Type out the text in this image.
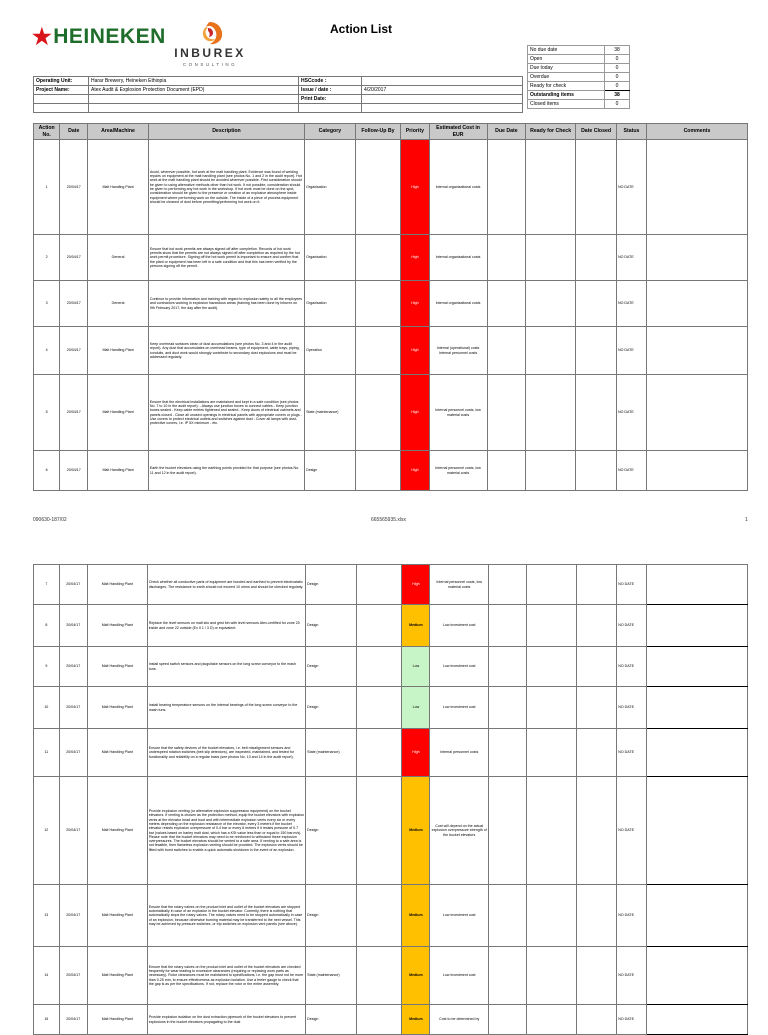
★ HEINEKEN
INBUREX
CONSULTING
Action List
Operating Unit:	Harar Brewery, Heineken Ethiopia	HSCcode :	
Project Name:	Atex Audit & Explosion Protection Document (EPD)	Issue / date :	4/20/2017
		Print Date:	

No due date	38
Open	0
Due today	0
Overdue	0
Ready for check	0
Outstanding items	38
Closed items	0
Action No.	Date	Area/Machine	Description	Category	Follow-Up By	Priority	Estimated Cost in EUR	Due Date	Ready for Check	Date Closed	Status	Comments
1	20/04/17	Malt Handling Plant	Avoid, wherever possible, hot work at the malt handling plant. Evidence was found of welding repairs on equipment at the malt handling plant (see photos No. 1 and 2 in the audit report). Hot work at the malt handling plant should be avoided wherever possible. First consideration should be given to using alternative methods other than hot work. If not possible, consideration should be given to performing any hot work in the workshop. If hot work must be done on the spot, consideration should be given to the presence or creation of an explosive atmosphere inside equipment where performing work on the outside. The inside of a piece of process equipment should be cleaned of dust before permitting/performing hot work on it.	Organisation		High	Internal organisational costs				NO DATE	
2	20/04/17	General	Ensure that hot work permits are always signed off after completion. Records of hot work permits show that the permits are not always signed off after completion as required by the hot work permit procedure. Signing off the hot work permit is important to ensure and confirm that the plant or equipment has been left in a safe condition and that this has been verified by the persons signing off the permit.	Organisation		High	Internal organisational costs				NO DATE	
3	20/04/17	General	Continue to provide information and training with regard to explosion safety to all the employees and contractors working in explosion hazardous areas (training has been done by Inburex on 9th February 2017, the day after the audit).	Organisation		High	Internal organisational costs				NO DATE	
4	20/04/17	Malt Handling Plant	Keep overhead surfaces clean of dust accumulations (see photos No. 3 and 4 in the audit report). Any dust that accumulates on overhead beams, type of equipment, cable trays, piping, conduits, and duct work would strongly contribute to secondary dust explosions and must be addressed regularly.	Operation		High	Internal (operational) costs Internal personnel costs				NO DATE	
5	20/04/17	Malt Handling Plant	Ensure that the electrical installations are maintained and kept in a safe condition (see photos No. 7 to 10 in the audit report): - Always use junction boxes to connect cables - Keep junction boxes sealed - Keep cable entries tightened and sealed - Keep doors of electrical cabinets and panels closed - Close all unused openings in electrical panels with appropriate covers or plugs - Use covers to protect electrical outlets and switches against dust - Cover all lamps with dust-protective covers, i.e. IP 5X minimum - etc.	State (maintenance)		High	Internal personnel costs, low material costs				NO DATE	
6	20/04/17	Malt Handling Plant	Earth the bucket elevators using the earthing points provided for that purpose (see photos No. 11 and 12 in the audit report).	Design		High	Internal personnel costs, low material costs				NO DATE	
090630-187/02	665565935.xlsx	1
7	20/04/17	Malt Handling Plant	Check whether all conductive parts of equipment are bonded and earthed to prevent electrostatic discharges. The resistance to earth should not exceed 10 ohms and should be checked regularly.	Design		High	Internal personnel costs, low material costs				NO DATE	
8	20/04/17	Malt Handling Plant	Replace the level sensors on malt silo and grist bin with level sensors Atex-certified for zone 20 inside and zone 22 outside (Ex II 1 / 3 D) or equivalent.	Design		Medium	Low investment cost				NO DATE	
9	20/04/17	Malt Handling Plant	Install speed switch sensors and plugs/take sensors on the long screw conveyor to the mash tuns.	Design		Low	Low investment cost				NO DATE	
10	20/04/17	Malt Handling Plant	Install bearing temperature sensors on the internal bearings of the long screw conveyor to the mash tuns.	Design		Low	Low investment cost				NO DATE	
11	20/04/17	Malt Handling Plant	Ensure that the safety devices of the bucket elevators, i.e. belt misalignment sensors and underspeed rotation switches (belt slip detectors), are inspected, maintained, and tested for functionality and reliability on a regular basis (see photos No. 13 and 14 in the audit report).	State (maintenance)		High	Internal personnel costs				NO DATE	
12	20/04/17	Malt Handling Plant	Provide explosion venting (or alternative explosion suppression equipment) on the bucket elevators. If venting is chosen as the protection method, equip the bucket elevators with explosion vents at the elevator head and boot and with intermediate explosion vents every six or every meters depending on the explosion resistance of the elevator, every 3 meters if the bucket elevator resists explosion overpressure of 0.4 bar or every 6 meters if it resists pressure of 0.7 bar (values based on barley malt dust, which has a KSt value less than or equal to 150 bar.m/s). Please note that the bucket elevators may need to be reinforced to withstand these explosion overpressures. The bucket elevators should be vented to a safe area. If venting to a safe area is not feasible, then flameless explosion venting should be provided. The explosion vents should be fitted with burst switches to enable a quick automatic shutdown in the event of an explosion.	Design		Medium	Cost will depend on the actual explosion overpressure strength of the bucket elevators				NO DATE	
13	20/04/17	Malt Handling Plant	Ensure that the rotary valves on the product inlet and outlet of the bucket elevators are stopped automatically in case of an explosion in the bucket elevator. Currently, there is nothing that automatically stops the rotary valves. The rotary valves need to be stopped automatically in case of an explosion, because otherwise burning material may be transferred to the next vessel. This may be achieved by pressure switches, or trip switches on explosion vent panels (see above).	Design		Medium	Low investment cost				NO DATE	
14	20/04/17	Malt Handling Plant	Ensure that the rotary valves on the product inlet and outlet of the bucket elevators are checked frequently for wear leading to excessive clearances (requiring or replacing worn parts as necessary). Rotor clearances must be maintained to specifications, i.e. the gap must not be more than 0.25 mm, to ensure effectiveness as explosion isolation. Use a feeler gauge to check that the gap is as per the specifications. If not, replace the rotor or the entire assembly.	State (maintenance)		Medium	Low investment cost				NO DATE	
15	20/04/17	Malt Handling Plant	Provide explosion isolation on the dust extraction pipework of the bucket elevators to prevent explosions in the bucket elevators propagating to the dust	Design		Medium	Cost to be determined by				NO DATE	
